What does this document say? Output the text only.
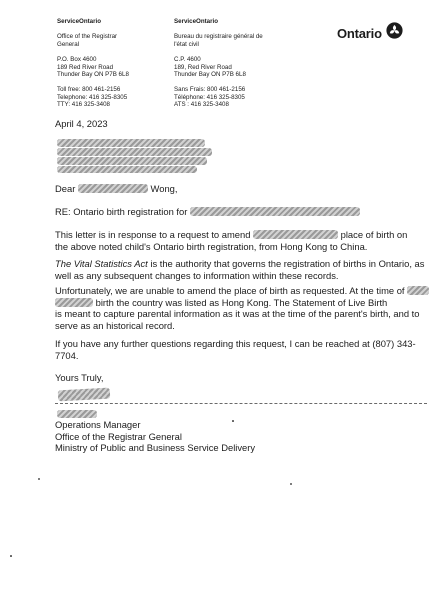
ServiceOntario
Office of the Registrar
General
P.O. Box 4600
189 Red River Road
Thunder Bay ON P7B 6L8
Toll free: 800 461-2156
Telephone: 416 325-8305
TTY: 416 325-3408
ServiceOntario
Bureau du registraire général de
l'état civil
C.P. 4600
189, Red River Road
Thunder Bay ON P7B 6L8
Sans Frais: 800 461-2156
Téléphone: 416 325-8305
ATS : 416 325-3408
Ontario
April 4, 2023
Dear	Wong,
RE: Ontario birth registration for
This letter is in response to a request to amend	place of birth on
the above noted child's Ontario birth registration, from Hong Kong to China.
The Vital Statistics Act is the authority that governs the registration of births in Ontario, as
well as any subsequent changes to information within these records.
Unfortunately, we are unable to amend the place of birth as requested. At the time of
birth the country was listed as Hong Kong. The Statement of Live Birth
is meant to capture parental information as it was at the time of the parent's birth, and to
serve as an historical record.
If you have any further questions regarding this request, I can be reached at (807) 343-
7704.
Yours Truly,
Operations Manager
Office of the Registrar General
Ministry of Public and Business Service Delivery
